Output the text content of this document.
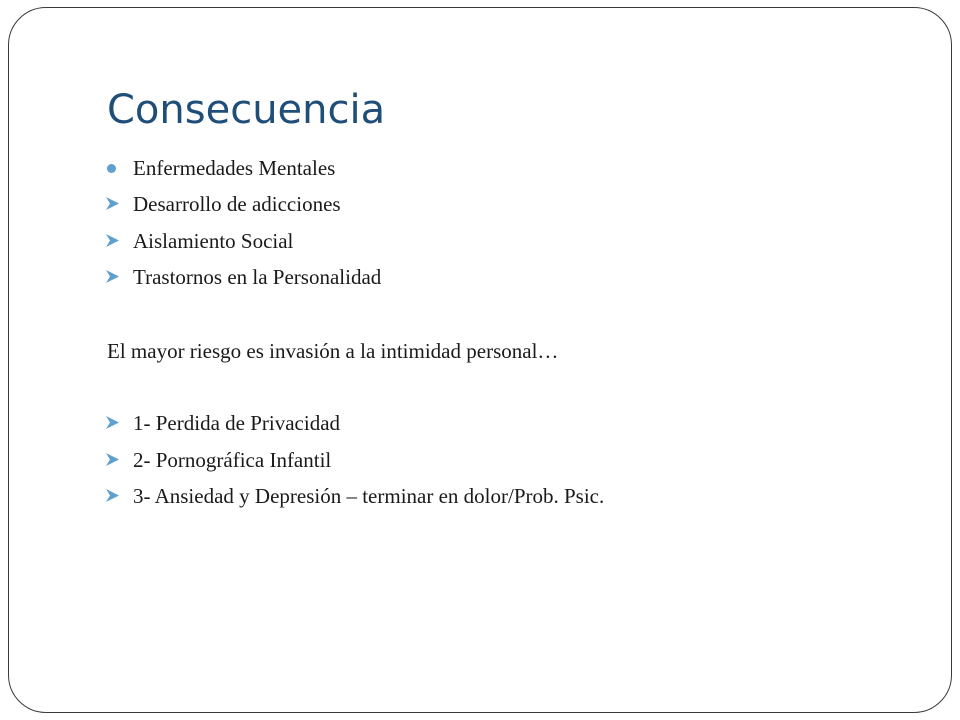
Consecuencia
Enfermedades Mentales
Desarrollo de adicciones
Aislamiento Social
Trastornos en la Personalidad

El mayor riesgo es invasión a la intimidad personal…

1- Perdida de Privacidad
2- Pornográfica Infantil
3- Ansiedad y Depresión – terminar en dolor/Prob. Psic.
